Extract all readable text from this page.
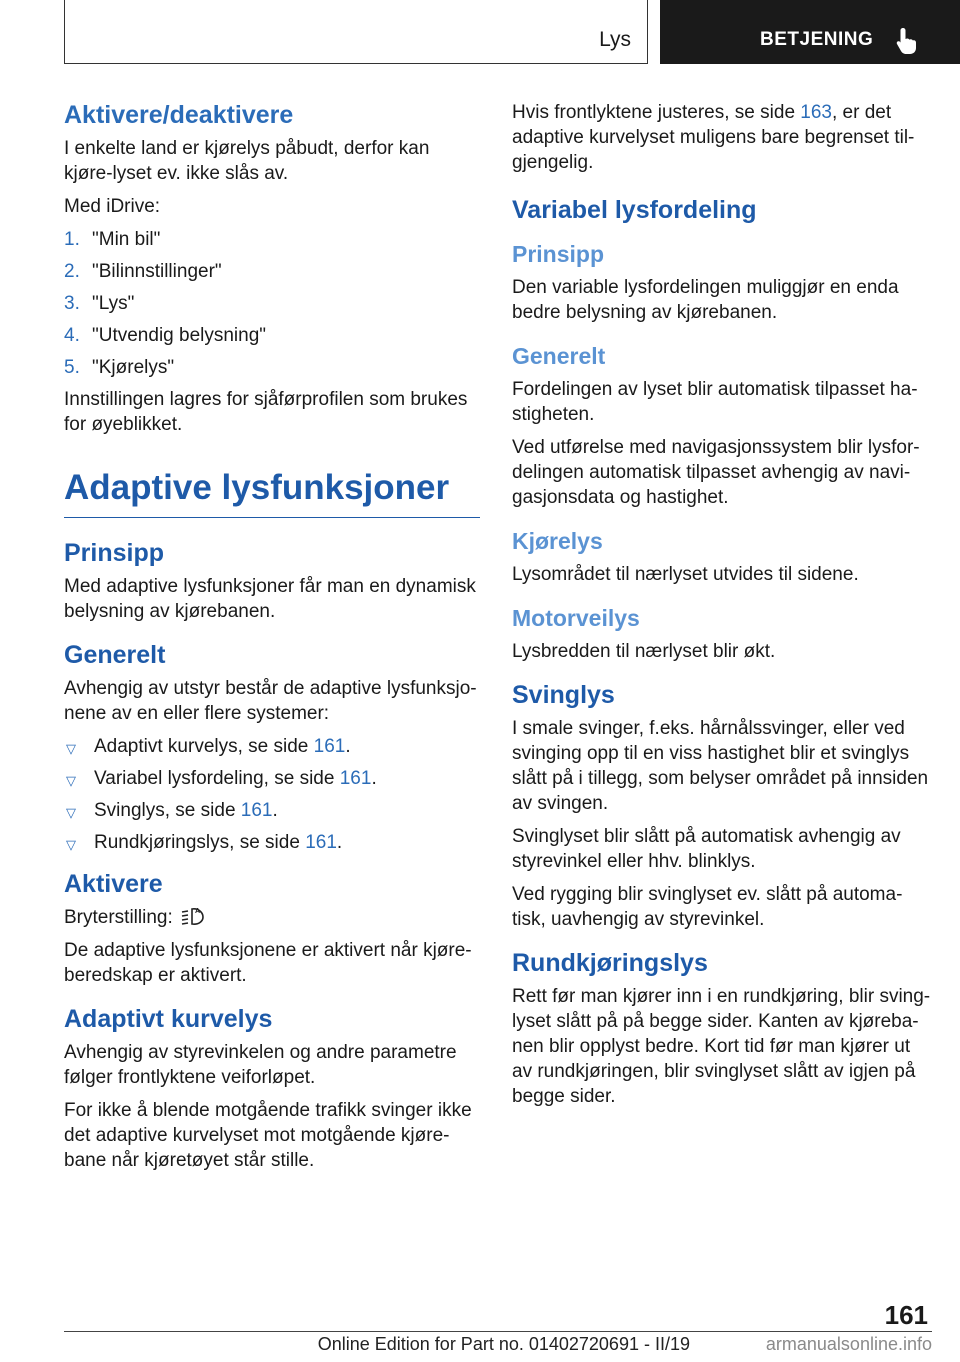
Lys	BETJENING
Aktivere/deaktivere

I enkelte land er kjørelys påbudt, derfor kan kjøre-lyset ev. ikke slås av.

Med iDrive:

1. "Min bil"
2. "Bilinnstillinger"
3. "Lys"
4. "Utvendig belysning"
5. "Kjørelys"

Innstillingen lagres for sjåførprofilen som brukes for øyeblikket.

Adaptive lysfunksjoner
Prinsipp

Med adaptive lysfunksjoner får man en dynamisk belysning av kjørebanen.

Generelt

Avhengig av utstyr består de adaptive lysfunksjo-nene av en eller flere systemer:

▽ Adaptivt kurvelys, se side 161.
▽ Variabel lysfordeling, se side 161.
▽ Svinglys, se side 161.
▽ Rundkjøringslys, se side 161.
Aktivere

Bryterstilling:	A

De adaptive lysfunksjonene er aktivert når kjøre-beredskap er aktivert.

Adaptivt kurvelys

Avhengig av styrevinkelen og andre parametre følger frontlyktene veiforløpet.

For ikke å blende motgående trafikk svinger ikke det adaptive kurvelyset mot motgående kjøre-bane når kjøretøyet står stille.

Hvis frontlyktene justeres, se side 163, er det adaptive kurvelyset muligens bare begrenset til-gjengelig.

Variabel lysfordeling
Prinsipp

Den variable lysfordelingen muliggjør en enda bedre belysning av kjørebanen.

Generelt

Fordelingen av lyset blir automatisk tilpasset ha-stigheten.

Ved utførelse med navigasjonssystem blir lysfor-delingen automatisk tilpasset avhengig av navi-gasjonsdata og hastighet.

Kjørelys

Lysområdet til nærlyset utvides til sidene.

Motorveilys

Lysbredden til nærlyset blir økt.

Svinglys

I smale svinger, f.eks. hårnålssvinger, eller ved svinging opp til en viss hastighet blir et svinglys slått på i tillegg, som belyser området på innsiden av svingen.

Svinglyset blir slått på automatisk avhengig av styrevinkel eller hhv. blinklys.

Ved rygging blir svinglyset ev. slått på automa-tisk, uavhengig av styrevinkel.

Rundkjøringslys

Rett før man kjører inn i en rundkjøring, blir sving-lyset slått på på begge sider. Kanten av kjøreba-nen blir opplyst bedre. Kort tid før man kjører ut av rundkjøringen, blir svinglyset slått av igjen på begge sider.

161
Online Edition for Part no. 01402720691 - II/19	armanualsonline.info
